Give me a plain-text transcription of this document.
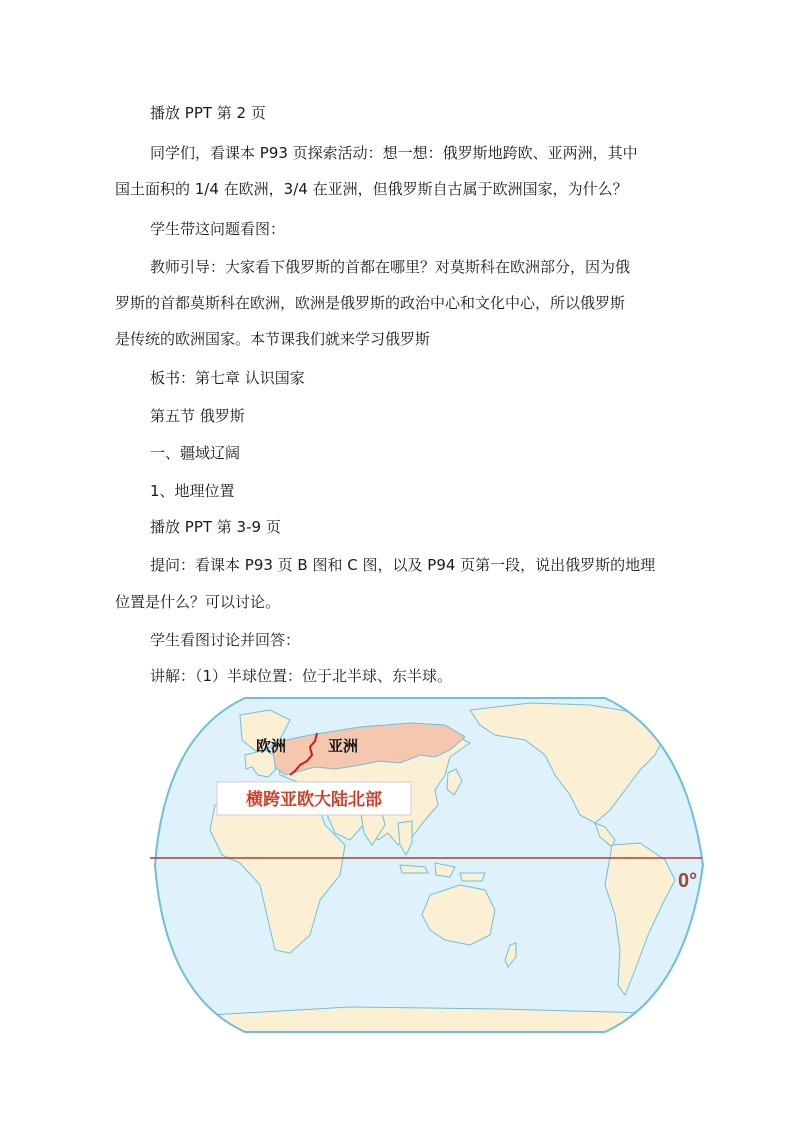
播放 PPT 第 2 页
同学们，看课本 P93 页探索活动：想一想：俄罗斯地跨欧、亚两洲，其中
国土面积的 1/4 在欧洲，3/4 在亚洲，但俄罗斯自古属于欧洲国家，为什么？
学生带这问题看图：
教师引导：大家看下俄罗斯的首都在哪里？对莫斯科在欧洲部分，因为俄
罗斯的首都莫斯科在欧洲，欧洲是俄罗斯的政治中心和文化中心，所以俄罗斯
是传统的欧洲国家。本节课我们就来学习俄罗斯
板书：第七章 认识国家
第五节 俄罗斯
一、疆域辽阔
1、地理位置
播放 PPT 第 3-9 页
提问：看课本 P93 页 B 图和 C 图，以及 P94 页第一段，说出俄罗斯的地理
位置是什么？可以讨论。
学生看图讨论并回答：
讲解：（1）半球位置：位于北半球、东半球。
0°
欧洲	亚洲
横跨亚欧大陆北部
